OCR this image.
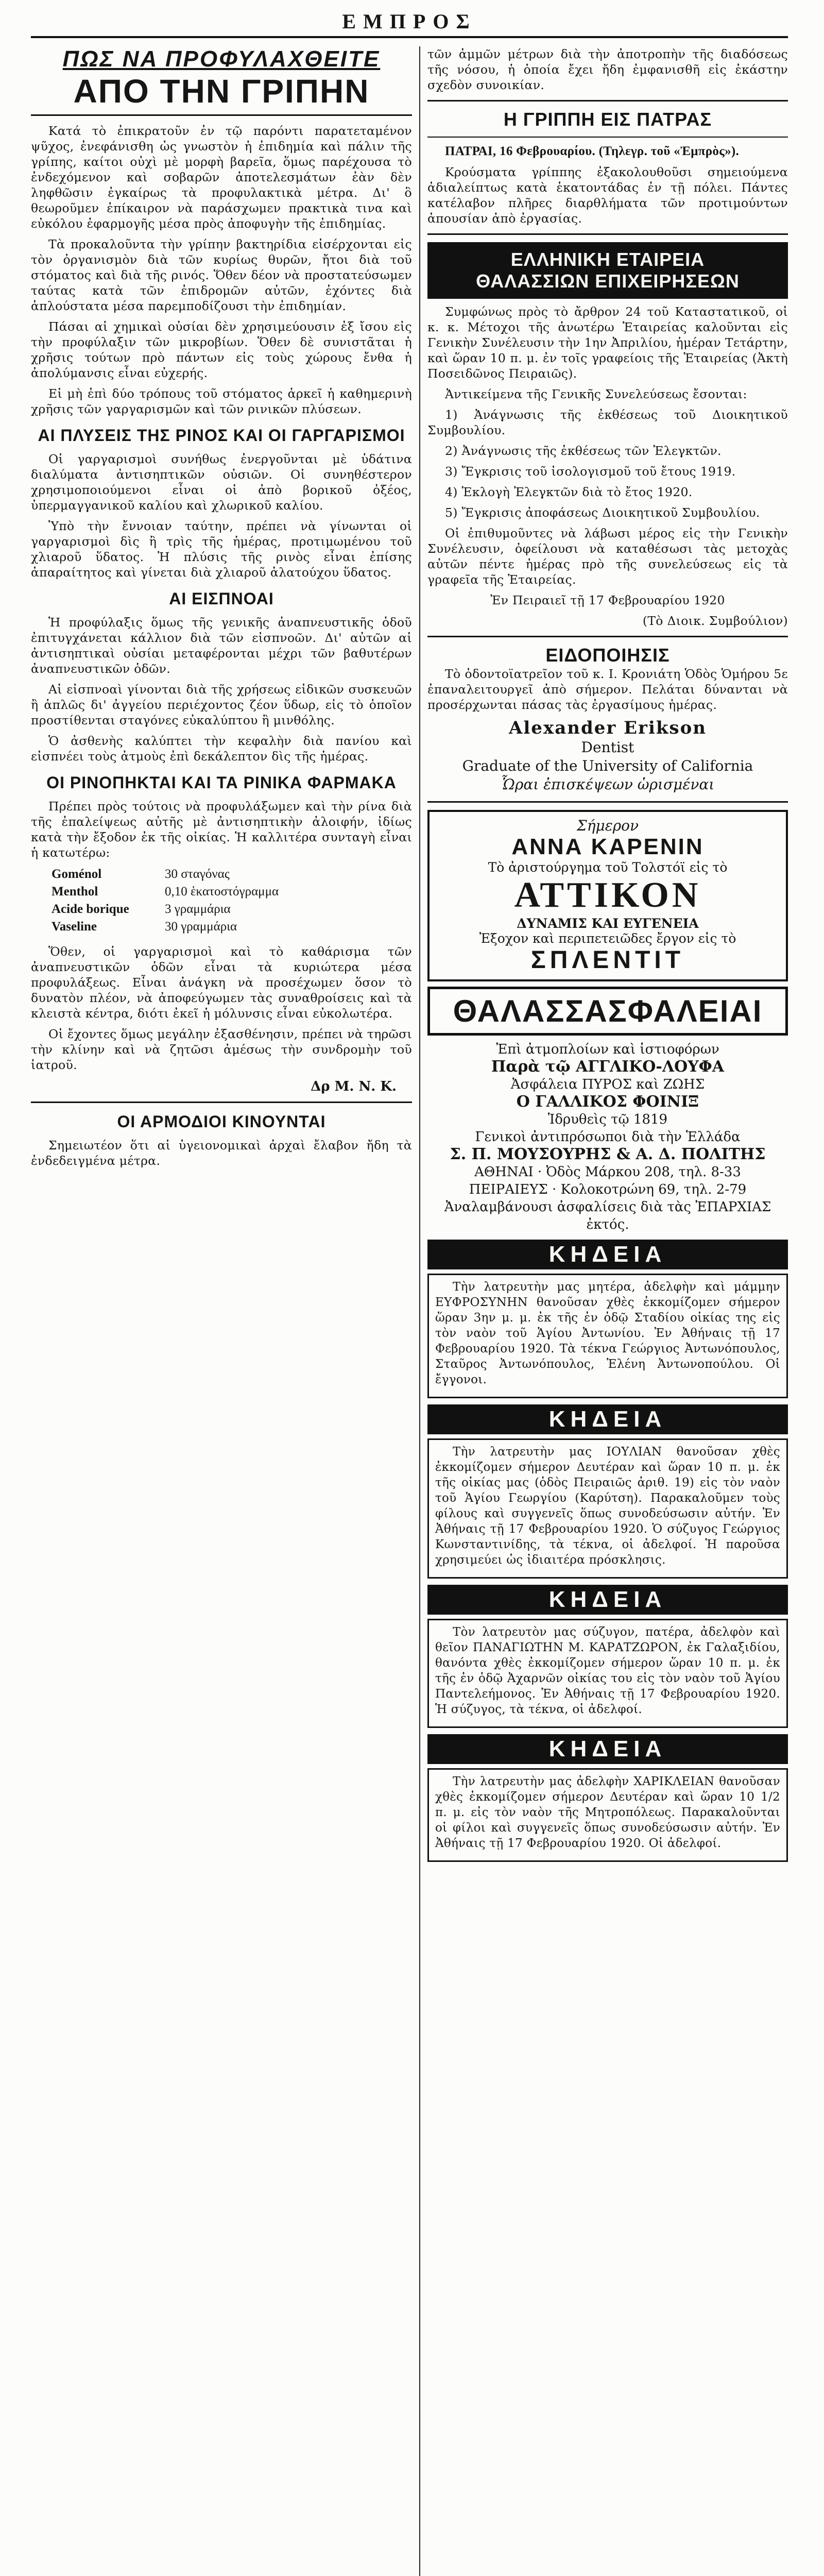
ΕΜΠΡΟΣ
ΠΩΣ ΝΑ ΠΡΟΦΥΛΑΧΘΕΙΤΕ
ΑΠΟ ΤΗΝ ΓΡΙΠΗΝ

Κατά τὸ ἐπικρατοῦν ἐν τῷ παρόντι παρατεταμένον ψῦχος, ἐνεφάνισθη ὡς γνωστὸν ἡ ἐπιδημία καὶ πάλιν τῆς γρίπης, καίτοι οὐχὶ μὲ μορφὴ βαρεῖα, ὅμως παρέχουσα τὸ ἐνδεχόμενον καὶ σοβαρῶν ἀποτελεσμάτων ἐὰν δὲν ληφθῶσιν ἐγκαίρως τὰ προφυλακτικὰ μέτρα. Δι' ὃ θεωροῦμεν ἐπίκαιρον νὰ παράσχωμεν πρακτικὰ τινα καὶ εὐκόλου ἐφαρμογῆς μέσα πρὸς ἀποφυγὴν τῆς ἐπιδημίας.

Τὰ προκαλοῦντα τὴν γρίπην βακτηρίδια εἰσέρχονται εἰς τὸν ὀργανισμὸν διὰ τῶν κυρίως θυρῶν, ἤτοι διὰ τοῦ στόματος καὶ διὰ τῆς ρινός. Ὅθεν δέον νὰ προστατεύσωμεν ταύτας κατὰ τῶν ἐπιδρομῶν αὐτῶν, ἐχόντες διὰ ἁπλούστατα μέσα παρεμποδίζουσι τὴν ἐπιδημίαν.

Πάσαι αἱ χημικαὶ οὐσίαι δὲν χρησιμεύουσιν ἐξ ἴσου εἰς τὴν προφύλαξιν τῶν μικροβίων. Ὅθεν δὲ συνιστᾶται ἡ χρῆσις τούτων πρὸ πάντων εἰς τοὺς χώρους ἔνθα ἡ ἀπολύμανσις εἶναι εὐχερής.

Εἰ μὴ ἐπὶ δύο τρόπους τοῦ στόματος ἀρκεῖ ἡ καθημερινὴ χρῆσις τῶν γαργαρισμῶν καὶ τῶν ρινικῶν πλύσεων.

ΑΙ ΠΛΥΣΕΙΣ ΤΗΣ ΡΙΝΟΣ ΚΑΙ ΟΙ ΓΑΡΓΑΡΙΣΜΟΙ

Οἱ γαργαρισμοὶ συνήθως ἐνεργοῦνται μὲ ὑδάτινα διαλύματα ἀντισηπτικῶν οὐσιῶν. Οἱ συνηθέστερον χρησιμοποιούμενοι εἶναι οἱ ἀπὸ βορικοῦ ὀξέος, ὑπερμαγγανικοῦ καλίου καὶ χλωρικοῦ καλίου.

Ὑπὸ τὴν ἔννοιαν ταύτην, πρέπει νὰ γίνωνται οἱ γαργαρισμοὶ δὶς ἢ τρὶς τῆς ἡμέρας, προτιμωμένου τοῦ χλιαροῦ ὕδατος. Ἡ πλύσις τῆς ρινὸς εἶναι ἐπίσης ἀπαραίτητος καὶ γίνεται διὰ χλιαροῦ ἁλατούχου ὕδατος.

ΑΙ ΕΙΣΠΝΟΑΙ

Ἡ προφύλαξις ὅμως τῆς γενικῆς ἀναπνευστικῆς ὁδοῦ ἐπιτυγχάνεται κάλλιον διὰ τῶν εἰσπνοῶν. Δι' αὐτῶν αἱ ἀντισηπτικαὶ οὐσίαι μεταφέρονται μέχρι τῶν βαθυτέρων ἀναπνευστικῶν ὁδῶν.

Αἱ εἰσπνοαὶ γίνονται διὰ τῆς χρήσεως εἰδικῶν συσκευῶν ἢ ἁπλῶς δι' ἀγγείου περιέχοντος ζέον ὕδωρ, εἰς τὸ ὁποῖον προστίθενται σταγόνες εὐκαλύπτου ἢ μινθόλης.

Ὁ ἀσθενὴς καλύπτει τὴν κεφαλὴν διὰ πανίου καὶ εἰσπνέει τοὺς ἀτμοὺς ἐπὶ δεκάλεπτον δὶς τῆς ἡμέρας.

ΟΙ ΡΙΝΟΠΗΚΤΑΙ ΚΑΙ ΤΑ ΡΙΝΙΚΑ ΦΑΡΜΑΚΑ

Πρέπει πρὸς τούτοις νὰ προφυλάξωμεν καὶ τὴν ρίνα διὰ τῆς ἐπαλείψεως αὐτῆς μὲ ἀντισηπτικὴν ἀλοιφήν, ἰδίως κατὰ τὴν ἔξοδον ἐκ τῆς οἰκίας. Ἡ καλλιτέρα συνταγὴ εἶναι ἡ κατωτέρω:

Goménol	30 σταγόνας
Menthol	0,10 ἑκατοστόγραμμα
Acide borique	3 γραμμάρια
Vaseline	30 γραμμάρια

Ὅθεν, οἱ γαργαρισμοὶ καὶ τὸ καθάρισμα τῶν ἀναπνευστικῶν ὁδῶν εἶναι τὰ κυριώτερα μέσα προφυλάξεως. Εἶναι ἀνάγκη νὰ προσέχωμεν ὅσον τὸ δυνατὸν πλέον, νὰ ἀποφεύγωμεν τὰς συναθροίσεις καὶ τὰ κλειστὰ κέντρα, διότι ἐκεῖ ἡ μόλυνσις εἶναι εὐκολωτέρα.

Οἱ ἔχοντες ὅμως μεγάλην ἐξασθένησιν, πρέπει νὰ τηρῶσι τὴν κλίνην καὶ νὰ ζητῶσι ἀμέσως τὴν συνδρομὴν τοῦ ἰατροῦ.

Δρ Μ. Ν. Κ.
ΟΙ ΑΡΜΟΔΙΟΙ ΚΙΝΟΥΝΤΑΙ

Σημειωτέον ὅτι αἱ ὑγειονομικαὶ ἀρχαὶ ἔλαβον ἤδη τὰ ἐνδεδειγμένα μέτρα.

τῶν ἀμμῶν μέτρων διὰ τὴν ἀποτροπὴν τῆς διαδόσεως τῆς νόσου, ἡ ὁποία ἔχει ἤδη ἐμφανισθῆ εἰς ἑκάστην σχεδὸν συνοικίαν.

Η ΓΡΙΠΠΗ ΕΙΣ ΠΑΤΡΑΣ

ΠΑΤΡΑΙ, 16 Φεβρουαρίου. (Τηλεγρ. τοῦ «Ἐμπρὸς»).

Κρούσματα γρίππης ἐξακολουθοῦσι σημειούμενα ἀδιαλείπτως κατὰ ἑκατοντάδας ἐν τῇ πόλει. Πάντες κατέλαβον πλῆρες διαρθλήματα τῶν προτιμούντων ἀπουσίαν ἀπὸ ἐργασίας.

ΕΛΛΗΝΙΚΗ ΕΤΑΙΡΕΙΑ
ΘΑΛΑΣΣΙΩΝ ΕΠΙΧΕΙΡΗΣΕΩΝ

Συμφώνως πρὸς τὸ ἄρθρον 24 τοῦ Καταστατικοῦ, οἱ κ. κ. Μέτοχοι τῆς ἀνωτέρω Ἑταιρείας καλοῦνται εἰς Γενικὴν Συνέλευσιν τὴν 1ην Ἀπριλίου, ἡμέραν Τετάρτην, καὶ ὥραν 10 π. μ. ἐν τοῖς γραφείοις τῆς Ἑταιρείας (Ἀκτὴ Ποσειδῶνος Πειραιῶς).

Ἀντικείμενα τῆς Γενικῆς Συνελεύσεως ἔσονται:

1) Ἀνάγνωσις τῆς ἐκθέσεως τοῦ Διοικητικοῦ Συμβουλίου.

2) Ἀνάγνωσις τῆς ἐκθέσεως τῶν Ἐλεγκτῶν.

3) Ἔγκρισις τοῦ ἰσολογισμοῦ τοῦ ἔτους 1919.

4) Ἐκλογὴ Ἐλεγκτῶν διὰ τὸ ἔτος 1920.

5) Ἔγκρισις ἀποφάσεως Διοικητικοῦ Συμβουλίου.

Οἱ ἐπιθυμοῦντες νὰ λάβωσι μέρος εἰς τὴν Γενικὴν Συνέλευσιν, ὀφείλουσι νὰ καταθέσωσι τὰς μετοχὰς αὐτῶν πέντε ἡμέρας πρὸ τῆς συνελεύσεως εἰς τὰ γραφεῖα τῆς Ἑταιρείας.

Ἐν Πειραιεῖ τῇ 17 Φεβρουαρίου 1920

(Τὸ Διοικ. Συμβούλιον)

ΕΙΔΟΠΟΙΗΣΙΣ

Τὸ ὀδοντοϊατρεῖον τοῦ κ. Ι. Κρονιάτη Ὁδὸς Ὁμήρου 5ε ἐπαναλειτουργεῖ ἀπὸ σήμερον. Πελάται δύνανται νὰ προσέρχωνται πάσας τὰς ἐργασίμους ἡμέρας.

Alexander Erikson
Dentist
Graduate of the University of California
Ὧραι ἐπισκέψεων ὡρισμέναι
Σήμερον
ΑΝΝΑ ΚΑΡΕΝΙΝ
Τὸ ἀριστούργημα τοῦ Τολστόϊ εἰς τὸ
ΑΤΤΙΚΟΝ
ΔΥΝΑΜΙΣ ΚΑΙ ΕΥΓΕΝΕΙΑ
Ἐξοχον καὶ περιπετειῶδες ἔργον εἰς τὸ
ΣΠΛΕΝΤΙΤ
ΘΑΛΑΣΣΑΣΦΑΛΕΙΑΙ
Ἐπὶ ἀτμοπλοίων καὶ ἱστιοφόρων
Παρὰ τῷ ΑΓΓΛΙΚΟ-ΛΟΥΦΑ
Ἀσφάλεια ΠΥΡΟΣ καὶ ΖΩΗΣ
Ο ΓΑΛΛΙΚΟΣ ΦΟΙΝΙΞ
Ἱδρυθεὶς τῷ 1819
Γενικοὶ ἀντιπρόσωποι διὰ τὴν Ἑλλάδα
Σ. Π. ΜΟΥΣΟΥΡΗΣ & Α. Δ. ΠΟΛΙΤΗΣ
ΑΘΗΝΑΙ · Ὀδὸς Μάρκου 208, τηλ. 8-33
ΠΕΙΡΑΙΕΥΣ · Κολοκοτρώνη 69, τηλ. 2-79
Ἀναλαμβάνουσι ἀσφαλίσεις διὰ τὰς ἘΠΑΡΧΙΑΣ ἐκτός.
ΚΗΔΕΙΑ

Τὴν λατρευτὴν μας μητέρα, ἀδελφὴν καὶ μάμμην ΕΥΦΡΟΣΥΝΗΝ θανοῦσαν χθὲς ἐκκομίζομεν σήμερον ὥραν 3ην μ. μ. ἐκ τῆς ἐν ὁδῷ Σταδίου οἰκίας της εἰς τὸν ναὸν τοῦ Ἁγίου Ἀντωνίου. Ἐν Ἀθήναις τῇ 17 Φεβρουαρίου 1920. Τὰ τέκνα Γεώργιος Ἀντωνόπουλος, Σταῦρος Ἀντωνόπουλος, Ἑλένη Ἀντωνοπούλου. Οἱ ἔγγονοι.

ΚΗΔΕΙΑ

Τὴν λατρευτὴν μας ΙΟΥΛΙΑΝ θανοῦσαν χθὲς ἐκκομίζομεν σήμερον Δευτέραν καὶ ὥραν 10 π. μ. ἐκ τῆς οἰκίας μας (ὁδὸς Πειραιῶς ἀριθ. 19) εἰς τὸν ναὸν τοῦ Ἁγίου Γεωργίου (Καρύτση). Παρακαλοῦμεν τοὺς φίλους καὶ συγγενεῖς ὅπως συνοδεύσωσιν αὐτήν. Ἐν Ἀθήναις τῇ 17 Φεβρουαρίου 1920. Ὁ σύζυγος Γεώργιος Κωνσταντινίδης, τὰ τέκνα, οἱ ἀδελφοί. Ἡ παροῦσα χρησιμεύει ὡς ἰδιαιτέρα πρόσκλησις.

ΚΗΔΕΙΑ

Τὸν λατρευτὸν μας σύζυγον, πατέρα, ἀδελφὸν καὶ θεῖον ΠΑΝΑΓΙΩΤΗΝ Μ. ΚΑΡΑΤΖΩΡΟΝ, ἐκ Γαλαξιδίου, θανόντα χθὲς ἐκκομίζομεν σήμερον ὥραν 10 π. μ. ἐκ τῆς ἐν ὁδῷ Ἀχαρνῶν οἰκίας του εἰς τὸν ναὸν τοῦ Ἁγίου Παντελεήμονος. Ἐν Ἀθήναις τῇ 17 Φεβρουαρίου 1920. Ἡ σύζυγος, τὰ τέκνα, οἱ ἀδελφοί.

ΚΗΔΕΙΑ

Τὴν λατρευτὴν μας ἀδελφὴν ΧΑΡΙΚΛΕΙΑΝ θανοῦσαν χθὲς ἐκκομίζομεν σήμερον Δευτέραν καὶ ὥραν 10 1/2 π. μ. εἰς τὸν ναὸν τῆς Μητροπόλεως. Παρακαλοῦνται οἱ φίλοι καὶ συγγενεῖς ὅπως συνοδεύσωσιν αὐτήν. Ἐν Ἀθήναις τῇ 17 Φεβρουαρίου 1920. Οἱ ἀδελφοί.
